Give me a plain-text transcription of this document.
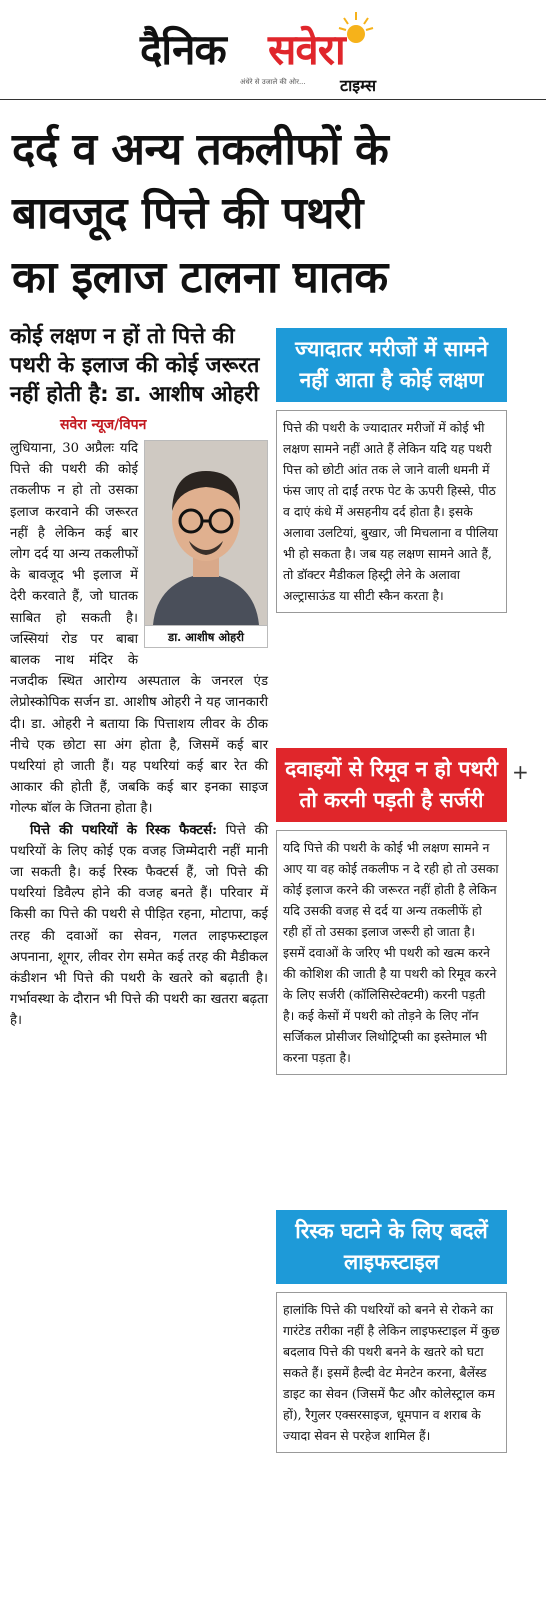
दैनिक सवेरा
अंधेरे से उजाले की ओर... टाइम्स
दर्द व अन्य तकलीफों के
बावजूद पित्ते की पथरी
का इलाज टालना घातक
कोई लक्षण न हों तो पित्ते की पथरी के इलाज की कोई जरूरत नहीं होती है: डा. आशीष ओहरी
सवेरा न्यूज/विपन
डा. आशीष ओहरी
लुधियाना, 30 अप्रैलः यदि पित्ते की पथरी की कोई तकलीफ न हो तो उसका इलाज करवाने की जरूरत नहीं है लेकिन कई बार लोग दर्द या अन्य तकलीफों के बावजूद भी इलाज में देरी करवाते हैं, जो घातक साबित हो सकती है। जस्सियां रोड पर बाबा बालक नाथ मंदिर के नजदीक स्थित आरोग्य अस्पताल के जनरल एंड लेप्रोस्कोपिक सर्जन डा. आशीष ओहरी ने यह जानकारी दी। डा. ओहरी ने बताया कि पित्ताशय लीवर के ठीक नीचे एक छोटा सा अंग होता है, जिसमें कई बार पथरियां हो जाती हैं। यह पथरियां कई बार रेत की आकार की होती हैं, जबकि कई बार इनका साइज गोल्फ बॉल के जितना होता है।
पित्ते की पथरियों के रिस्क फैक्टर्स: पित्ते की पथरियों के लिए कोई एक वजह जिम्मेदारी नहीं मानी जा सकती है। कई रिस्क फैक्टर्स हैं, जो पित्ते की पथरियां डिवैल्प होने की वजह बनते हैं। परिवार में किसी का पित्ते की पथरी से पीड़ित रहना, मोटापा, कई तरह की दवाओं का सेवन, गलत लाइफस्टाइल अपनाना, शूगर, लीवर रोग समेत कई तरह की मैडीकल कंडीशन भी पित्ते की पथरी के खतरे को बढ़ाती है। गर्भावस्था के दौरान भी पित्ते की पथरी का खतरा बढ़ता है।
ज्यादातर मरीजों में सामने नहीं आता है कोई लक्षण
पित्ते की पथरी के ज्यादातर मरीजों में कोई भी लक्षण सामने नहीं आते हैं लेकिन यदि यह पथरी पित्त को छोटी आंत तक ले जाने वाली धमनी में फंस जाए तो दाईं तरफ पेट के ऊपरी हिस्से, पीठ व दाएं कंधे में असहनीय दर्द होता है। इसके अलावा उलटियां, बुखार, जी मिचलाना व पीलिया भी हो सकता है। जब यह लक्षण सामने आते हैं, तो डॉक्टर मैडीकल हिस्ट्री लेने के अलावा अल्ट्रासाऊंड या सीटी स्कैन करता है।
दवाइयों से रिमूव न हो पथरी तो करनी पड़ती है सर्जरी
यदि पित्ते की पथरी के कोई भी लक्षण सामने न आए या वह कोई तकलीफ न दे रही हो तो उसका कोई इलाज करने की जरूरत नहीं होती है लेकिन यदि उसकी वजह से दर्द या अन्य तकलीफें हो रही हों तो उसका इलाज जरूरी हो जाता है। इसमें दवाओं के जरिए भी पथरी को खत्म करने की कोशिश की जाती है या पथरी को रिमूव करने के लिए सर्जरी (कॉलिसिस्टेक्टमी) करनी पड़ती है। कई केसों में पथरी को तोड़ने के लिए नॉन सर्जिकल प्रोसीजर लिथोट्रिप्सी का इस्तेमाल भी करना पड़ता है।
रिस्क घटाने के लिए बदलें लाइफस्टाइल
हालांकि पित्ते की पथरियों को बनने से रोकने का गारंटेड तरीका नहीं है लेकिन लाइफस्टाइल में कुछ बदलाव पित्ते की पथरी बनने के खतरे को घटा सकते हैं। इसमें हैल्दी वेट मेनटेन करना, बैलेंस्ड डाइट का सेवन (जिसमें फैट और कोलेस्ट्राल कम हों), रैगुलर एक्सरसाइज, धूमपान व शराब के ज्यादा सेवन से परहेज शामिल हैं।
+
